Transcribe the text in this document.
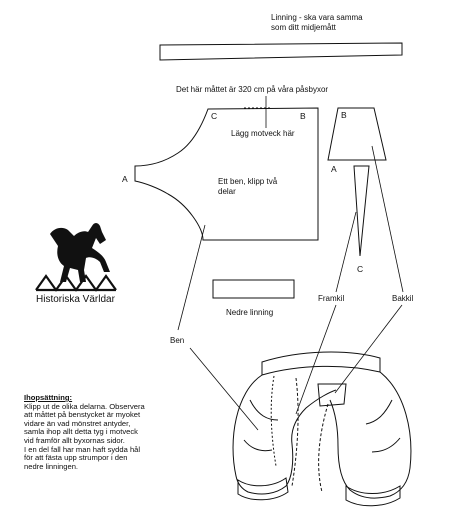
Historiska Världar
Linning - ska vara samma som ditt midjemått
Det här måttet är 320 cm på våra påsbyxor
Lägg motveck här
Ett ben, klipp två delar
A
C	B	B
A
C
Nedre linning
Framkil	Bakkil
Ben
Ihopsättning:
Klipp ut de olika delarna. Observera
att måttet på benstycket är myoket
vidare än vad mönstret antyder,
samla ihop allt detta tyg i motveck
vid framför allt byxornas sidor.
I en del fall har man haft sydda hål
för att fästa upp strumpor i den
nedre linningen.
